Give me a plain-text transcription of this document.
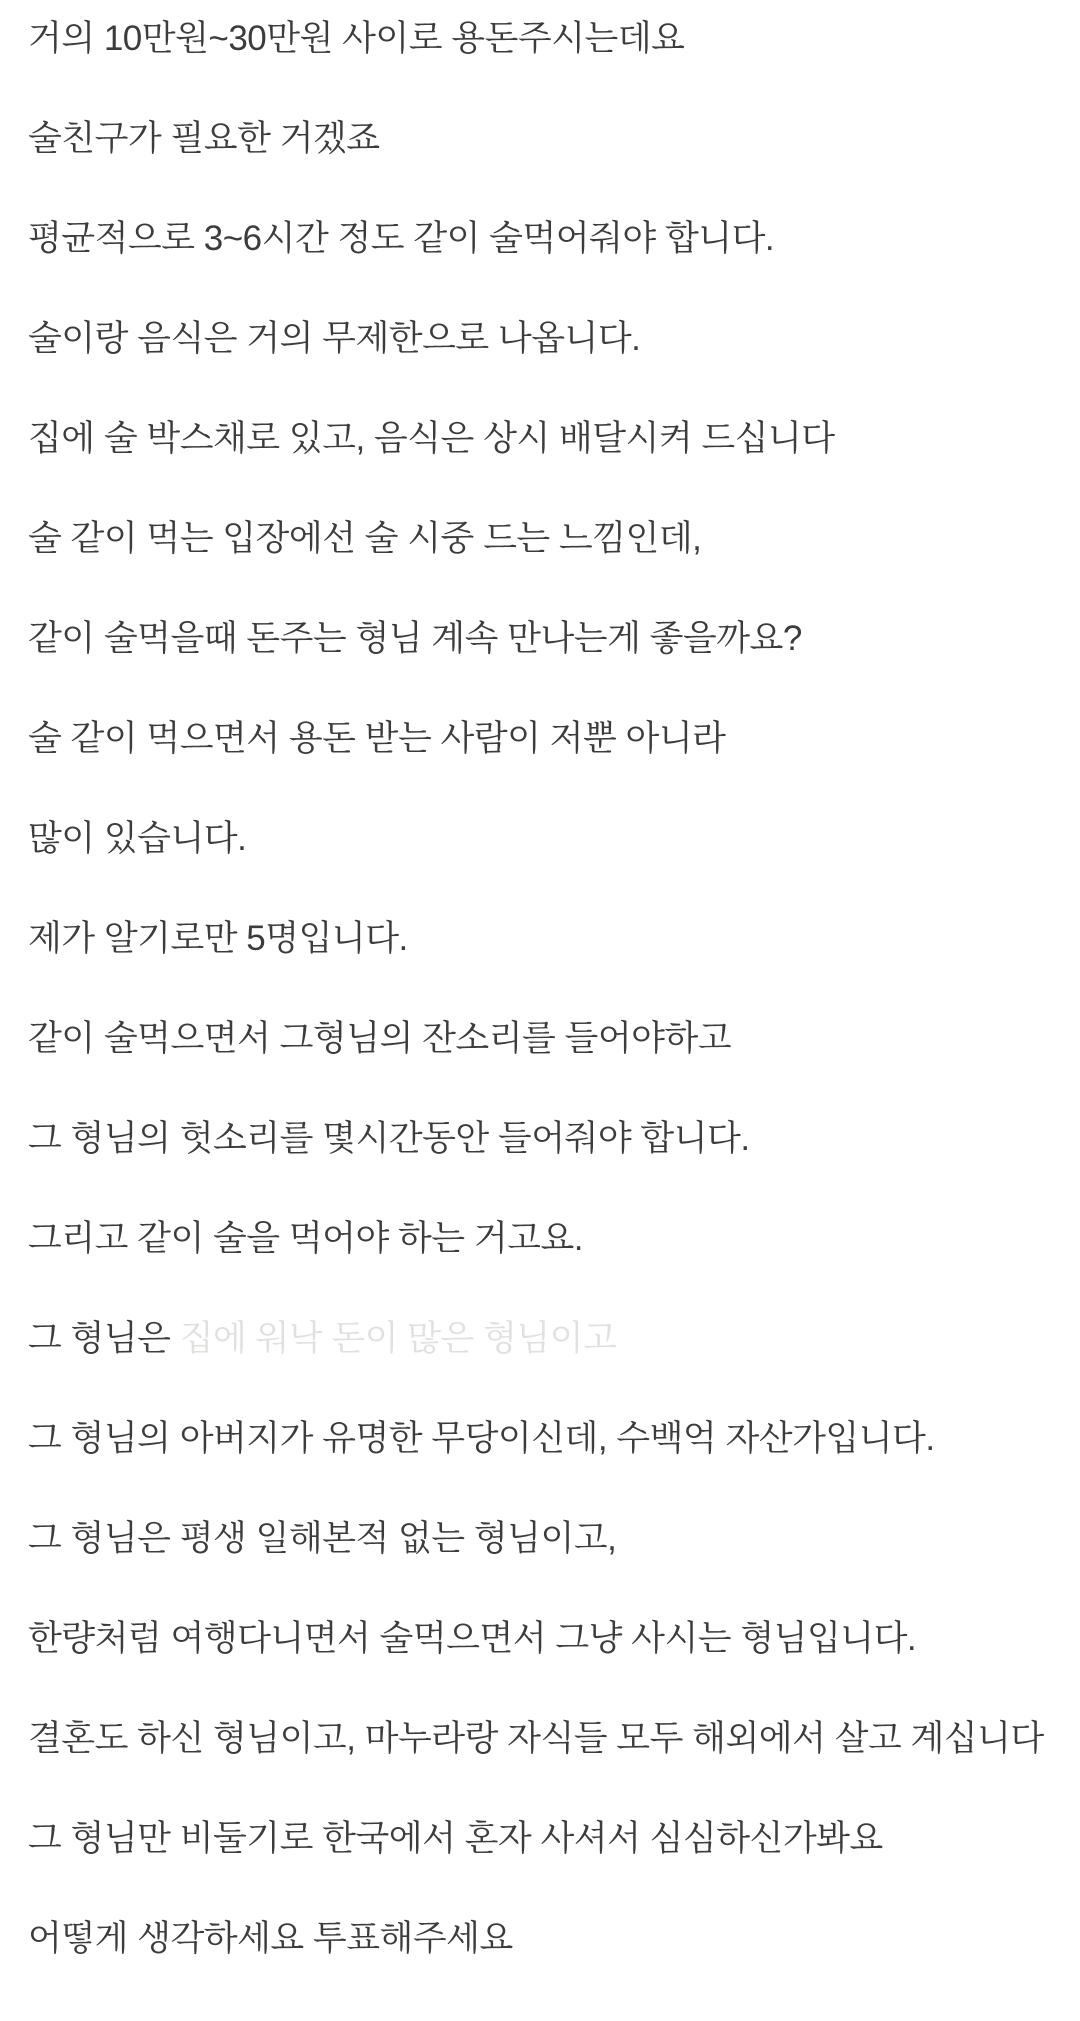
거의 10만원~30만원 사이로 용돈주시는데요

술친구가 필요한 거겠죠

평균적으로 3~6시간 정도 같이 술먹어줘야 합니다.

술이랑 음식은 거의 무제한으로 나옵니다.

집에 술 박스채로 있고, 음식은 상시 배달시켜 드십니다

술 같이 먹는 입장에선 술 시중 드는 느낌인데,

같이 술먹을때 돈주는 형님 계속 만나는게 좋을까요?

술 같이 먹으면서 용돈 받는 사람이 저뿐 아니라

많이 있습니다.

제가 알기로만 5명입니다.

같이 술먹으면서 그형님의 잔소리를 들어야하고

그 형님의 헛소리를 몇시간동안 들어줘야 합니다.

그리고 같이 술을 먹어야 하는 거고요.

그 형님은 집에 워낙 돈이 많은 형님이고

그 형님의 아버지가 유명한 무당이신데, 수백억 자산가입니다.

그 형님은 평생 일해본적 없는 형님이고,

한량처럼 여행다니면서 술먹으면서 그냥 사시는 형님입니다.

결혼도 하신 형님이고, 마누라랑 자식들 모두 해외에서 살고 계십니다

그 형님만 비둘기로 한국에서 혼자 사셔서 심심하신가봐요

어떻게 생각하세요 투표해주세요
